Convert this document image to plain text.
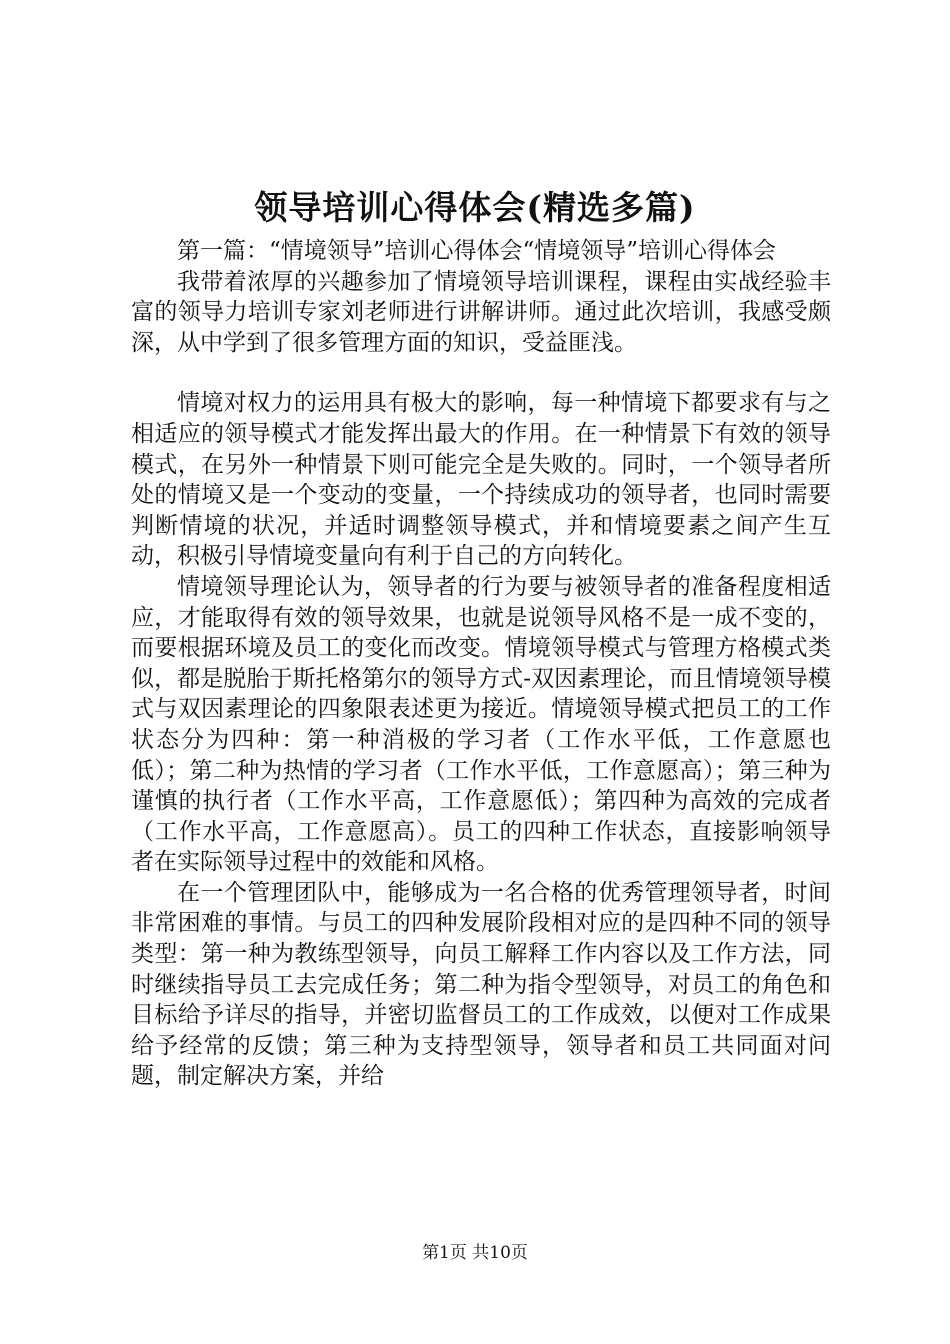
领导培训心得体会(精选多篇)

第一篇：“情境领导”培训心得体会“情境领导”培训心得体会

我带着浓厚的兴趣参加了情境领导培训课程，课程由实战经验丰富的领导力培训专家刘老师进行讲解讲师。通过此次培训，我感受颇深，从中学到了很多管理方面的知识，受益匪浅。

情境对权力的运用具有极大的影响，每一种情境下都要求有与之相适应的领导模式才能发挥出最大的作用。在一种情景下有效的领导模式，在另外一种情景下则可能完全是失败的。同时，一个领导者所处的情境又是一个变动的变量，一个持续成功的领导者，也同时需要判断情境的状况，并适时调整领导模式，并和情境要素之间产生互动，积极引导情境变量向有利于自己的方向转化。

情境领导理论认为，领导者的行为要与被领导者的准备程度相适应，才能取得有效的领导效果，也就是说领导风格不是一成不变的，而要根据环境及员工的变化而改变。情境领导模式与管理方格模式类似，都是脱胎于斯托格第尔的领导方式-双因素理论，而且情境领导模式与双因素理论的四象限表述更为接近。情境领导模式把员工的工作状态分为四种：第一种消极的学习者（工作水平低，工作意愿也低）；第二种为热情的学习者（工作水平低，工作意愿高）；第三种为谨慎的执行者（工作水平高，工作意愿低）；第四种为高效的完成者（工作水平高，工作意愿高）。员工的四种工作状态，直接影响领导者在实际领导过程中的效能和风格。

在一个管理团队中，能够成为一名合格的优秀管理领导者，时间非常困难的事情。与员工的四种发展阶段相对应的是四种不同的领导类型：第一种为教练型领导，向员工解释工作内容以及工作方法，同时继续指导员工去完成任务；第二种为指令型领导，对员工的角色和目标给予详尽的指导，并密切监督员工的工作成效，以便对工作成果给予经常的反馈；第三种为支持型领导，领导者和员工共同面对问题，制定解决方案，并给

第1页 共10页
